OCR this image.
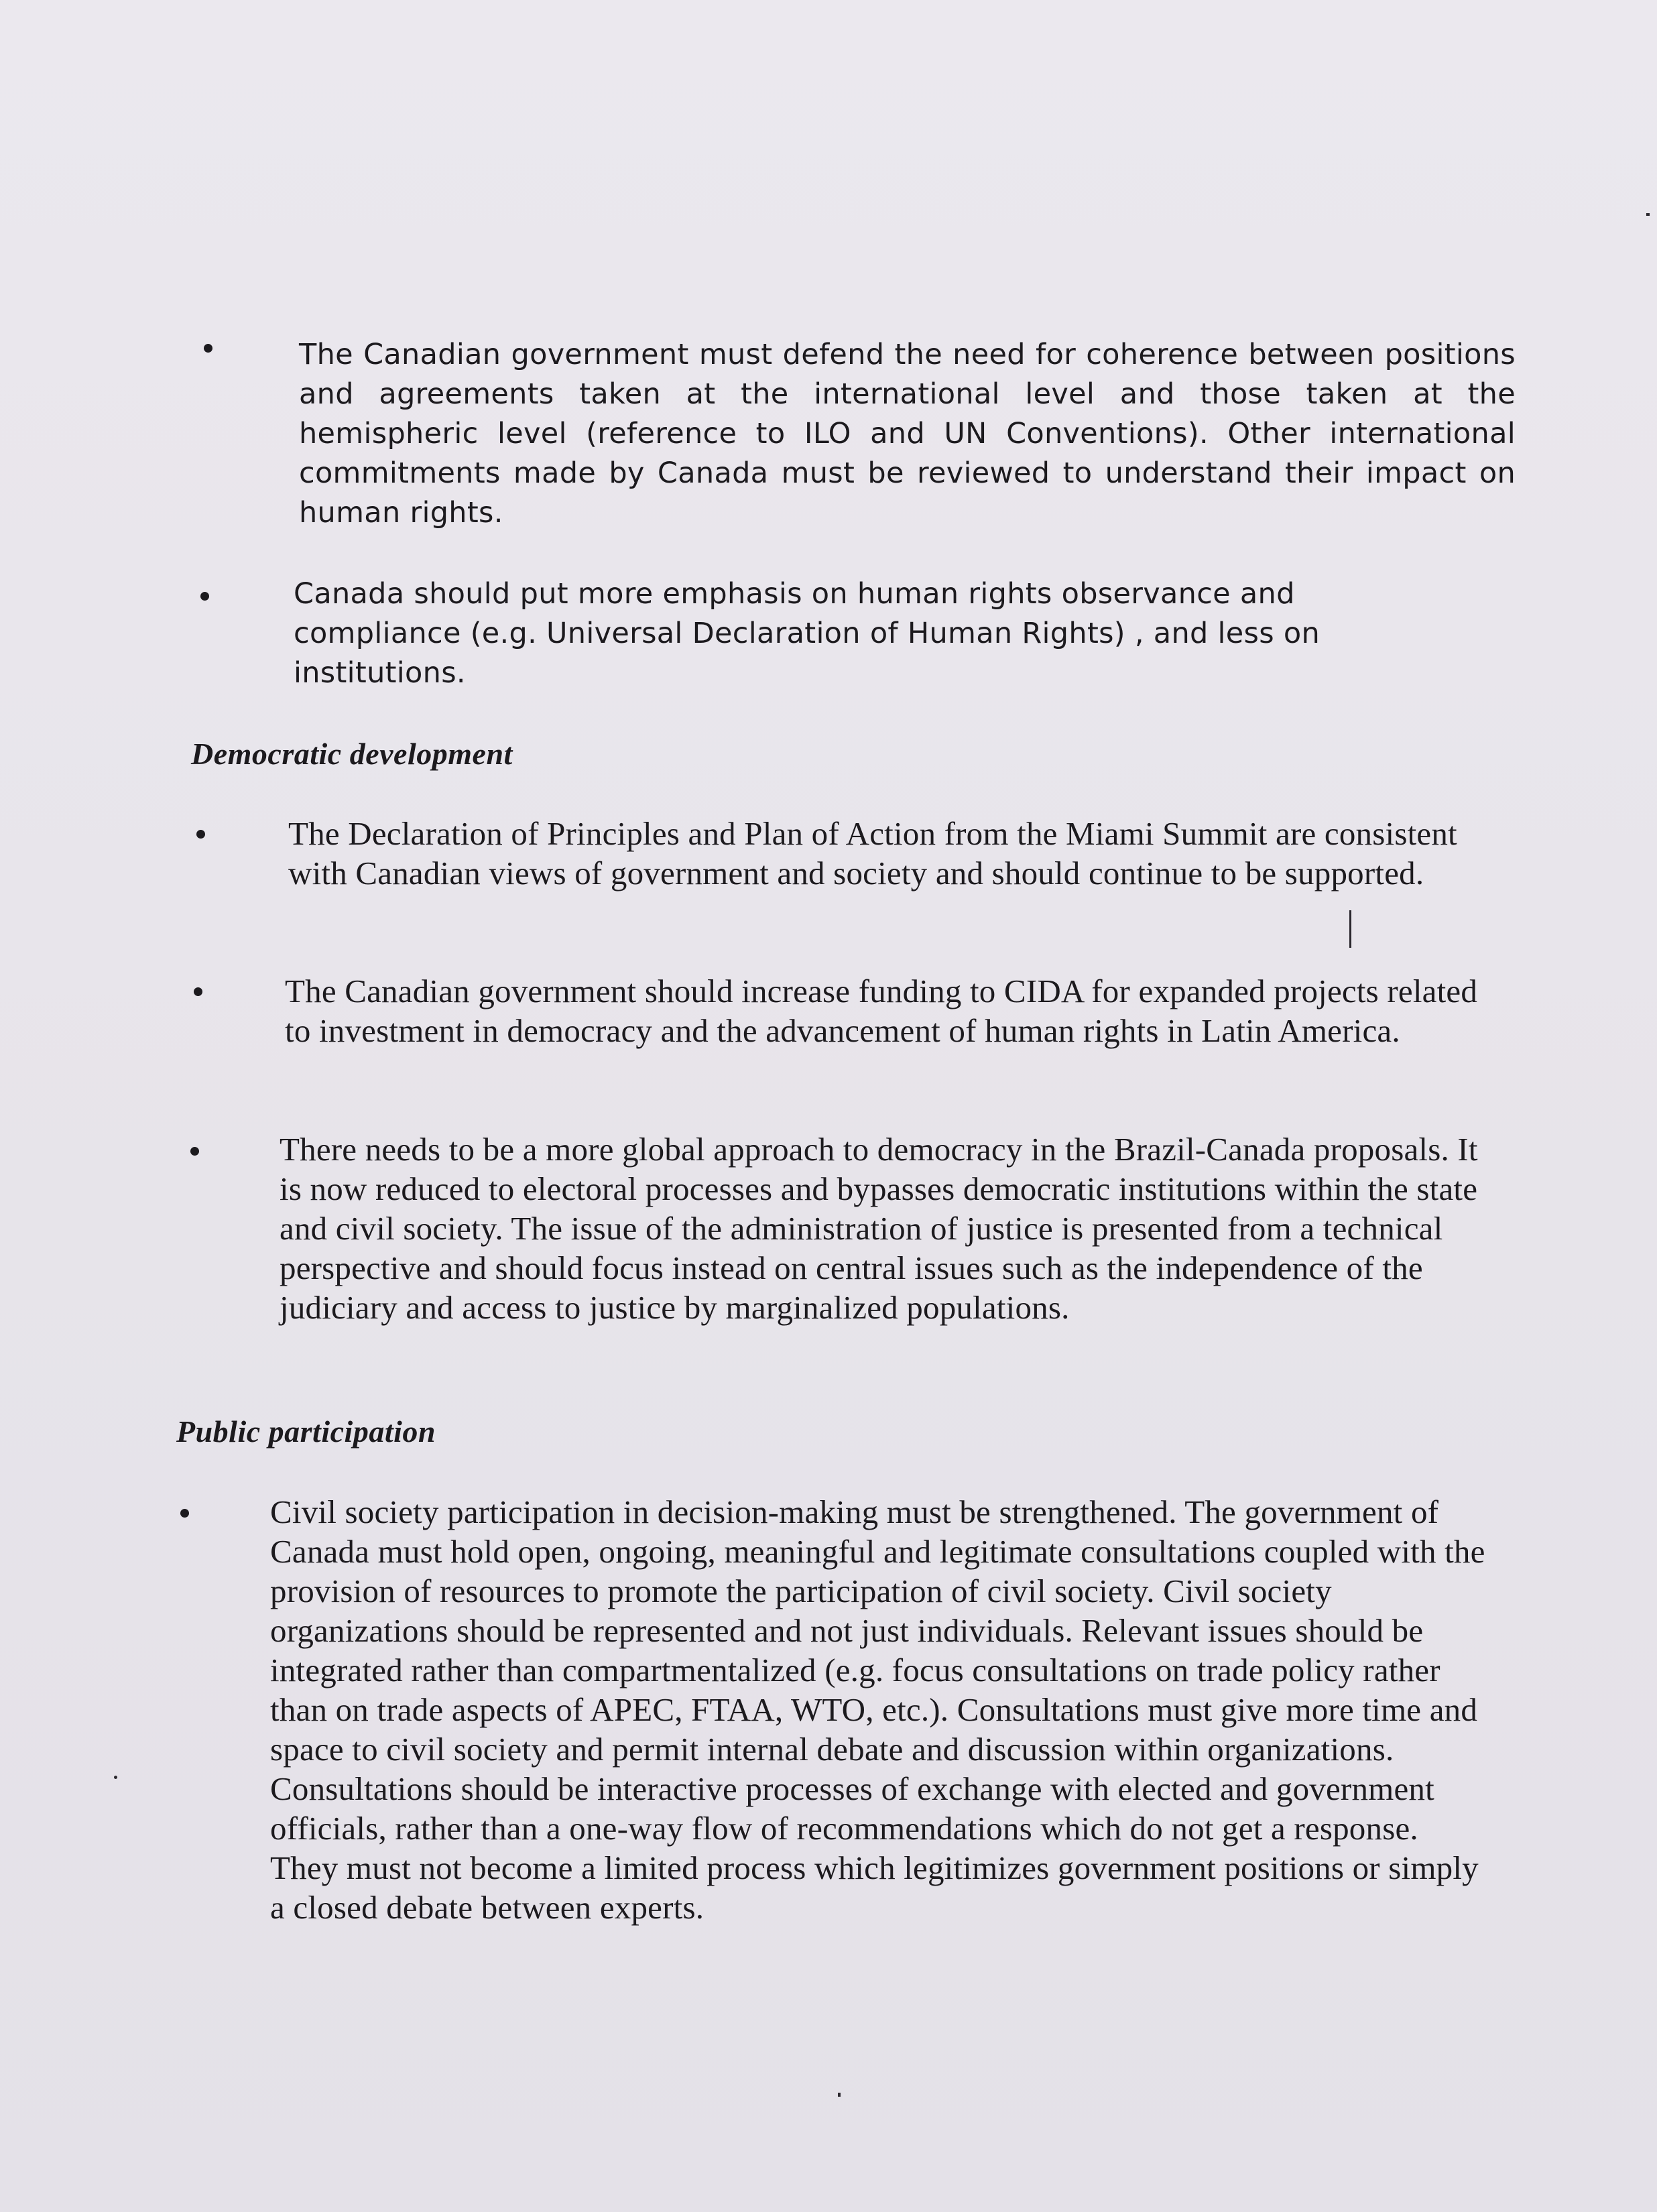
The Canadian government must defend the need for coherence between positions and agreements taken at the international level and those taken at the hemispheric level (reference to ILO and UN Conventions). Other international commitments made by Canada must be reviewed to understand their impact on human rights.

Canada should put more emphasis on human rights observance and compliance (e.g. Universal Declaration of Human Rights) , and less on institutions.

Democratic development

The Declaration of Principles and Plan of Action from the Miami Summit are consistent with Canadian views of government and society and should continue to be supported.

The Canadian government should increase funding to CIDA for expanded projects related to investment in democracy and the advancement of human rights in Latin America.

There needs to be a more global approach to democracy in the Brazil-Canada proposals. It is now reduced to electoral processes and bypasses democratic institutions within the state and civil society. The issue of the administration of justice is presented from a technical perspective and should focus instead on central issues such as the independence of the judiciary and access to justice by marginalized populations.

Public participation

Civil society participation in decision-making must be strengthened. The government of Canada must hold open, ongoing, meaningful and legitimate consultations coupled with the provision of resources to promote the participation of civil society. Civil society organizations should be represented and not just individuals. Relevant issues should be integrated rather than compartmentalized (e.g. focus consultations on trade policy rather than on trade aspects of APEC, FTAA, WTO, etc.). Consultations must give more time and space to civil society and permit internal debate and discussion within organizations. Consultations should be interactive processes of exchange with elected and government officials, rather than a one-way flow of recommendations which do not get a response. They must not become a limited process which legitimizes government positions or simply a closed debate between experts.
